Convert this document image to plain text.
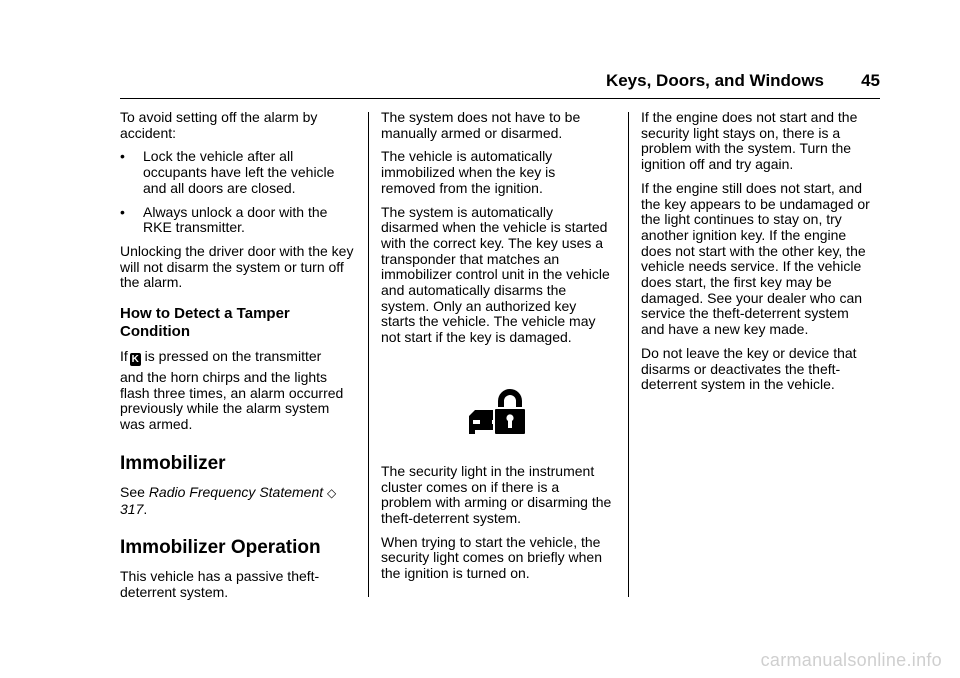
Keys, Doors, and Windows 45

To avoid setting off the alarm by accident:

•	Lock the vehicle after all occupants have left the vehicle and all doors are closed.
•	Always unlock a door with the RKE transmitter.

Unlocking the driver door with the key will not disarm the system or turn off the alarm.

How to Detect a Tamper Condition

If K is pressed on the transmitter

and the horn chirps and the lights flash three times, an alarm occurred previously while the alarm system was armed.

Immobilizer

See Radio Frequency Statement ◇ 317.

Immobilizer Operation

This vehicle has a passive theft-deterrent system.

The system does not have to be manually armed or disarmed.

The vehicle is automatically immobilized when the key is removed from the ignition.

The system is automatically disarmed when the vehicle is started with the correct key. The key uses a transponder that matches an immobilizer control unit in the vehicle and automatically disarms the system. Only an authorized key starts the vehicle. The vehicle may not start if the key is damaged.

The security light in the instrument cluster comes on if there is a problem with arming or disarming the theft-deterrent system.

When trying to start the vehicle, the security light comes on briefly when the ignition is turned on.

If the engine does not start and the security light stays on, there is a problem with the system. Turn the ignition off and try again.

If the engine still does not start, and the key appears to be undamaged or the light continues to stay on, try another ignition key. If the engine does not start with the other key, the vehicle needs service. If the vehicle does start, the first key may be damaged. See your dealer who can service the theft-deterrent system and have a new key made.

Do not leave the key or device that disarms or deactivates the theft-deterrent system in the vehicle.

carmanualsonline.info
